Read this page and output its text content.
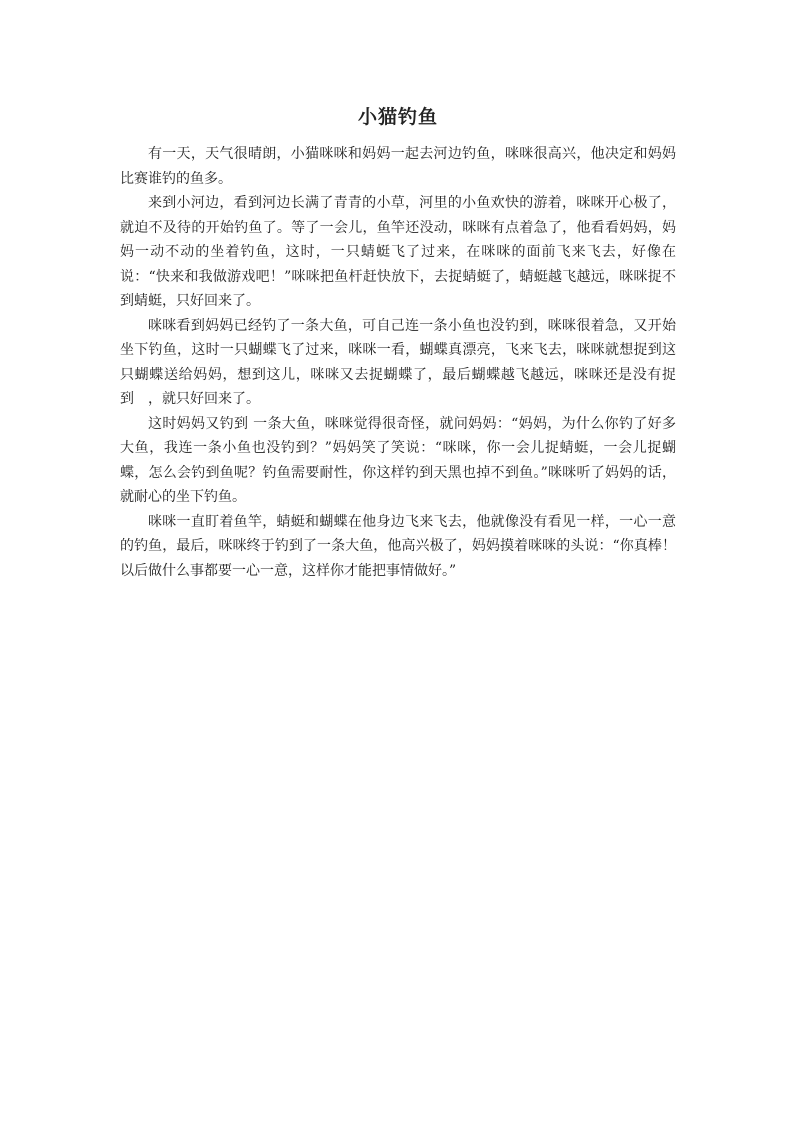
小猫钓鱼

有一天，天气很晴朗，小猫咪咪和妈妈一起去河边钓鱼，咪咪很高兴，他决定和妈妈比赛谁钓的鱼多。

来到小河边，看到河边长满了青青的小草，河里的小鱼欢快的游着，咪咪开心极了，就迫不及待的开始钓鱼了。等了一会儿，鱼竿还没动，咪咪有点着急了，他看看妈妈，妈妈一动不动的坐着钓鱼，这时，一只蜻蜓飞了过来，在咪咪的面前飞来飞去，好像在说：“快来和我做游戏吧！”咪咪把鱼杆赶快放下，去捉蜻蜓了，蜻蜓越飞越远，咪咪捉不到蜻蜓，只好回来了。

咪咪看到妈妈已经钓了一条大鱼，可自己连一条小鱼也没钓到，咪咪很着急，又开始坐下钓鱼，这时一只蝴蝶飞了过来，咪咪一看，蝴蝶真漂亮，飞来飞去，咪咪就想捉到这只蝴蝶送给妈妈，想到这儿，咪咪又去捉蝴蝶了，最后蝴蝶越飞越远，咪咪还是没有捉到　，就只好回来了。

这时妈妈又钓到 一条大鱼，咪咪觉得很奇怪，就问妈妈：“妈妈，为什么你钓了好多大鱼，我连一条小鱼也没钓到？”妈妈笑了笑说：“咪咪，你一会儿捉蜻蜓，一会儿捉蝴蝶，怎么会钓到鱼呢？钓鱼需要耐性，你这样钓到天黑也掉不到鱼。”咪咪听了妈妈的话，就耐心的坐下钓鱼。

咪咪一直盯着鱼竿，蜻蜓和蝴蝶在他身边飞来飞去，他就像没有看见一样，一心一意的钓鱼，最后，咪咪终于钓到了一条大鱼，他高兴极了，妈妈摸着咪咪的头说：“你真棒！以后做什么事都要一心一意，这样你才能把事情做好。”
